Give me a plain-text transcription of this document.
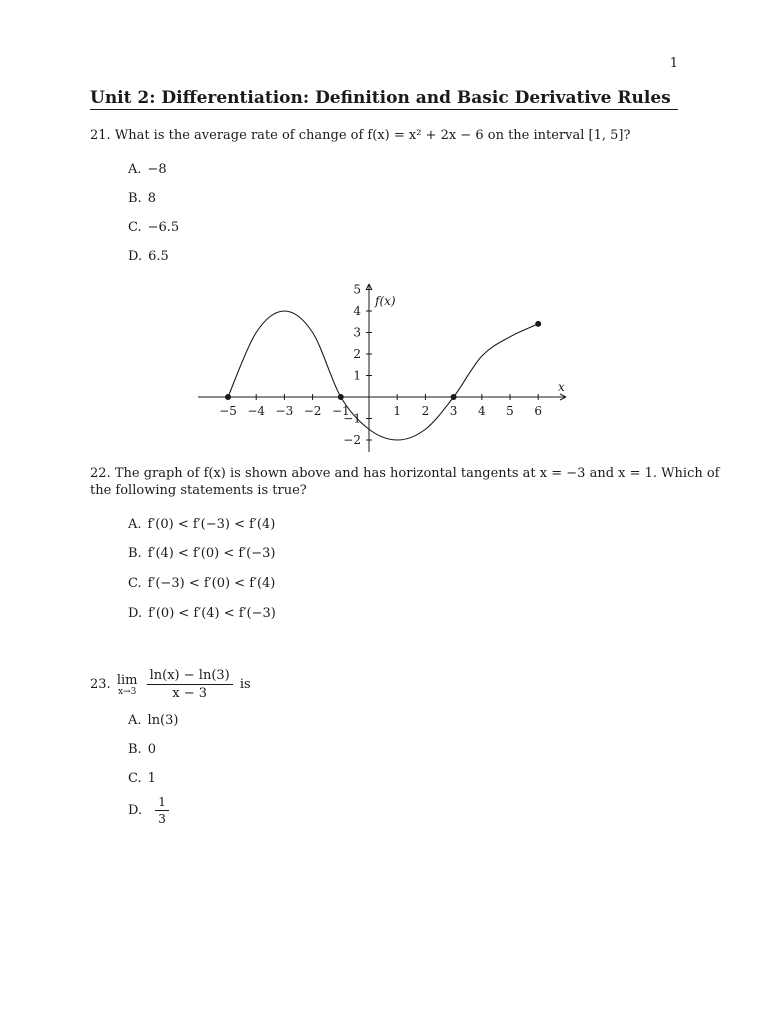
1
Unit 2: Differentiation: Definition and Basic Derivative Rules
21. What is the average rate of change of f(x) = x² + 2x − 6 on the interval [1, 5]?
A. −8
B. 8
C. −6.5
D. 6.5
−5 −4 −3 −2 −1	1 2 3 4 5 6
−2
−1
1
2
3
4
5
x
f(x)
22. The graph of f(x) is shown above and has horizontal tangents at x = −3 and x = 1. Which of
the following statements is true?
A. f′(0) < f′(−3) < f′(4)
B. f′(4) < f′(0) < f′(−3)
C. f′(−3) < f′(0) < f′(4)
D. f′(0) < f′(4) < f′(−3)
23. lim
x→3
$\frac{\ln(x) - \ln(3)}{x - 3}$ is
A. ln(3)
B. 0
C. 1
D. $\frac{1}{3}$
